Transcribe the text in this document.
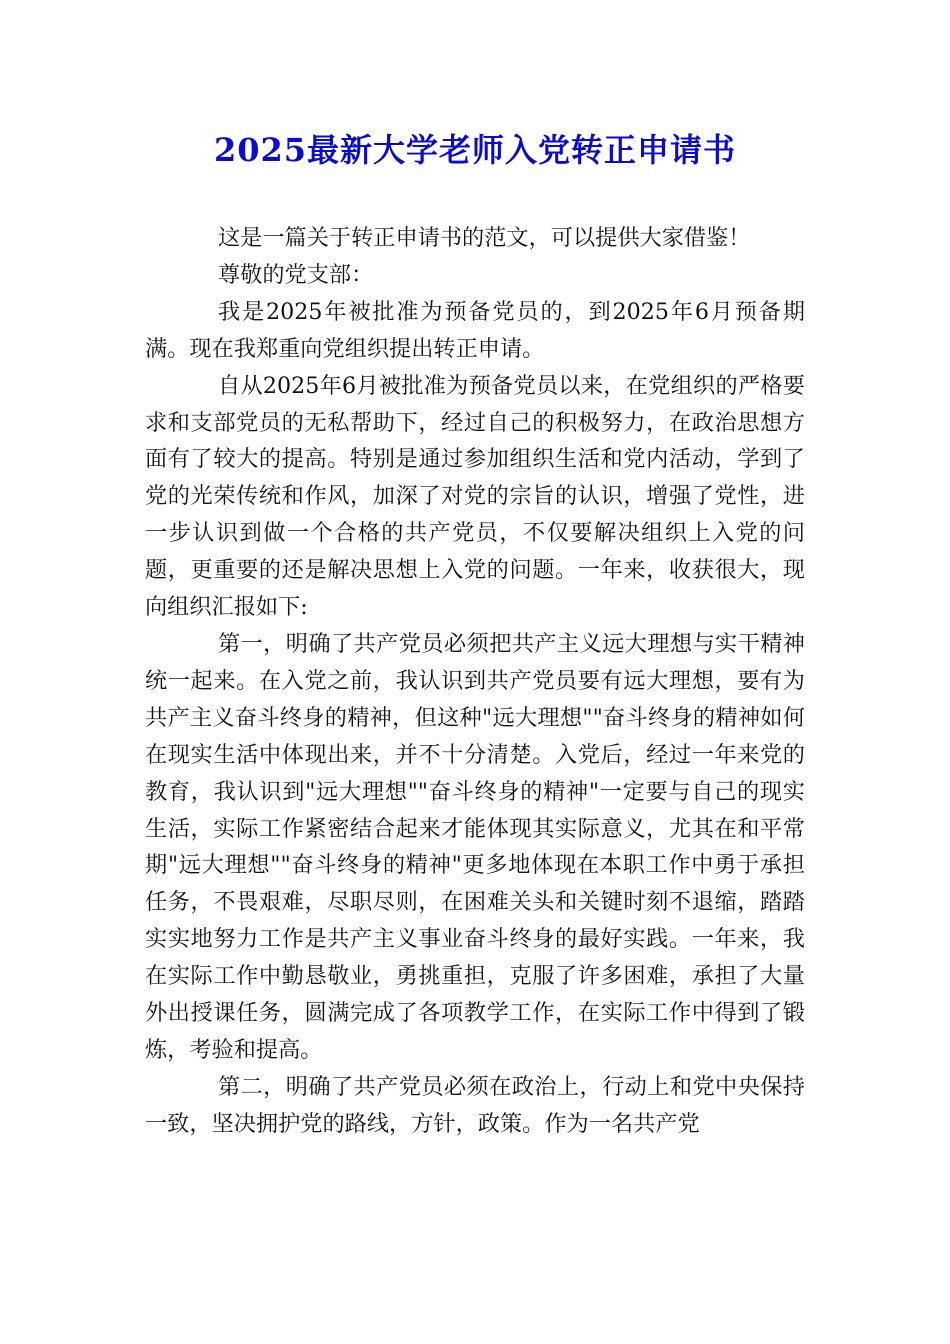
2025最新大学老师入党转正申请书

这是一篇关于转正申请书的范文，可以提供大家借鉴！

尊敬的党支部：

我是2025年被批准为预备党员的，到2025年6月预备期满。现在我郑重向党组织提出转正申请。

自从2025年6月被批准为预备党员以来，在党组织的严格要求和支部党员的无私帮助下，经过自己的积极努力，在政治思想方面有了较大的提高。特别是通过参加组织生活和党内活动，学到了党的光荣传统和作风，加深了对党的宗旨的认识，增强了党性，进一步认识到做一个合格的共产党员，不仅要解决组织上入党的问题，更重要的还是解决思想上入党的问题。一年来，收获很大，现向组织汇报如下:

第一，明确了共产党员必须把共产主义远大理想与实干精神统一起来。在入党之前，我认识到共产党员要有远大理想，要有为共产主义奋斗终身的精神，但这种"远大理想""奋斗终身的精神如何在现实生活中体现出来，并不十分清楚。入党后，经过一年来党的教育，我认识到"远大理想""奋斗终身的精神"一定要与自己的现实生活，实际工作紧密结合起来才能体现其实际意义，尤其在和平常期"远大理想""奋斗终身的精神"更多地体现在本职工作中勇于承担任务，不畏艰难，尽职尽则，在困难关头和关键时刻不退缩，踏踏实实地努力工作是共产主义事业奋斗终身的最好实践。一年来，我在实际工作中勤恳敬业，勇挑重担，克服了许多困难，承担了大量外出授课任务，圆满完成了各项教学工作，在实际工作中得到了锻炼，考验和提高。

第二，明确了共产党员必须在政治上，行动上和党中央保持一致，坚决拥护党的路线，方针，政策。作为一名共产党
